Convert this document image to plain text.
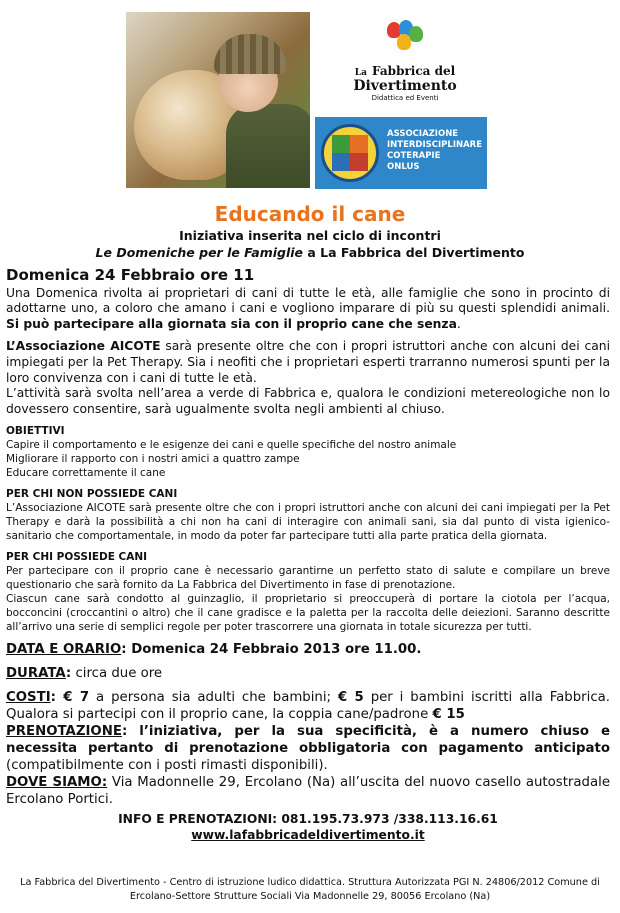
La Fabbrica del
Divertimento
Didattica ed Eventi
ASSOCIAZIONE
INTERDISCIPLINARE
COTERAPIE
ONLUS
Educando il cane
Iniziativa inserita nel ciclo di incontri
Le Domeniche per le Famiglie a La Fabbrica del Divertimento
Domenica 24 Febbraio ore 11

Una Domenica rivolta ai proprietari di cani di tutte le età, alle famiglie che sono in procinto di adottarne uno, a coloro che amano i cani e vogliono imparare di più su questi splendidi animali. Si può partecipare alla giornata sia con il proprio cane che senza.

L’Associazione AICOTE sarà presente oltre che con i propri istruttori anche con alcuni dei cani impiegati per la Pet Therapy. Sia i neofiti che i proprietari esperti trarranno numerosi spunti per la loro convivenza con i cani di tutte le età.

L’attività sarà svolta nell’area a verde di Fabbrica e, qualora le condizioni metereologiche non lo dovessero consentire, sarà ugualmente svolta negli ambienti al chiuso.

OBIETTIVI
Capire il comportamento e le esigenze dei cani e quelle specifiche del nostro animale
Migliorare il rapporto con i nostri amici a quattro zampe
Educare correttamente il cane
PER CHI NON POSSIEDE CANI

L’Associazione AICOTE sarà presente oltre che con i propri istruttori anche con alcuni dei cani impiegati per la Pet Therapy e darà la possibilità a chi non ha cani di interagire con animali sani, sia dal punto di vista igienico-sanitario che comportamentale, in modo da poter far partecipare tutti alla parte pratica della giornata.

PER CHI POSSIEDE CANI

Per partecipare con il proprio cane è necessario garantirne un perfetto stato di salute e compilare un breve questionario che sarà fornito da La Fabbrica del Divertimento in fase di prenotazione.

Ciascun cane sarà condotto al guinzaglio, il proprietario si preoccuperà di portare la ciotola per l’acqua, bocconcini (croccantini o altro) che il cane gradisce e la paletta per la raccolta delle deiezioni. Saranno descritte all’arrivo una serie di semplici regole per poter trascorrere una giornata in totale sicurezza per tutti.

DATA E ORARIO: Domenica 24 Febbraio 2013 ore 11.00.

DURATA: circa due ore

COSTI: € 7 a persona sia adulti che bambini; € 5 per i bambini iscritti alla Fabbrica. Qualora si partecipi con il proprio cane, la coppia cane/padrone € 15

PRENOTAZIONE: l’iniziativa, per la sua specificità, è a numero chiuso e necessita pertanto di prenotazione obbligatoria con pagamento anticipato (compatibilmente con i posti rimasti disponibili).

DOVE SIAMO: Via Madonnelle 29, Ercolano (Na) all’uscita del nuovo casello autostradale Ercolano Portici.

INFO E PRENOTAZIONI: 081.195.73.973 /338.113.16.61

www.lafabbricadeldivertimento.it

La Fabbrica del Divertimento - Centro di istruzione ludico didattica. Struttura Autorizzata PGI N. 24806/2012 Comune di
Ercolano-Settore Strutture Sociali Via Madonnelle 29, 80056 Ercolano (Na)
